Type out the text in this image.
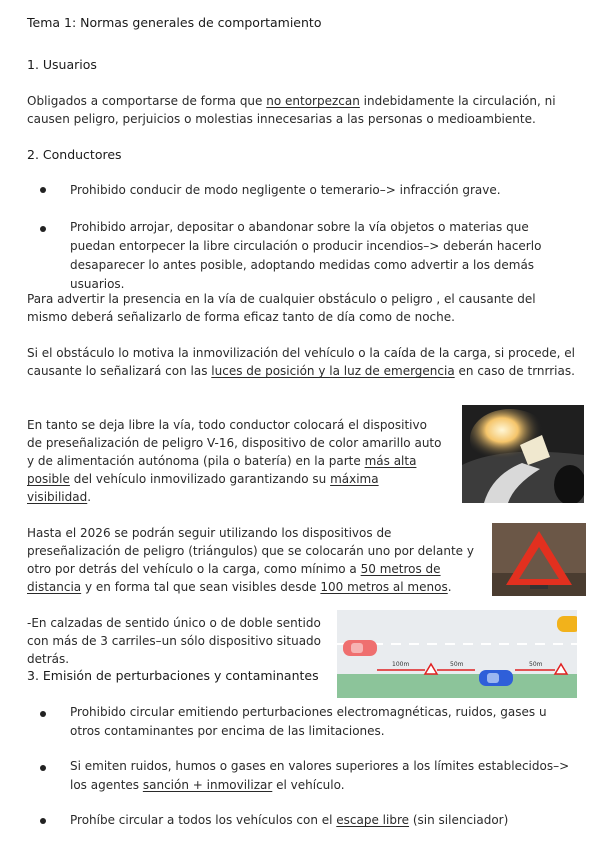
Tema 1: Normas generales de comportamiento
1. Usuarios
Obligados a comportarse de forma que no entorpezcan indebidamente la circulación, ni causen peligro, perjuicios o molestias innecesarias a las personas o medioambiente.
2. Conductores
Prohibido conducir de modo negligente o temerario–> infracción grave.
Prohibido arrojar, depositar o abandonar sobre la vía objetos o materias que puedan entorpecer la libre circulación o producir incendios–> deberán hacerlo desaparecer lo antes posible, adoptando medidas como advertir a los demás usuarios.
Para advertir la presencia en la vía de cualquier obstáculo o peligro , el causante del mismo deberá señalizarlo de forma eficaz tanto de día como de noche.
Si el obstáculo lo motiva la inmovilización del vehículo o la caída de la carga, si procede, el causante lo señalizará con las luces de posición y la luz de emergencia en caso de trnrrias.
En tanto se deja libre la vía, todo conductor colocará el dispositivo de preseñalización de peligro V-16, dispositivo de color amarillo auto y de alimentación autónoma (pila o batería) en la parte más alta posible del vehículo inmovilizado garantizando su máxima visibilidad.
Hasta el 2026 se podrán seguir utilizando los dispositivos de preseñalización de peligro (triángulos) que se colocarán uno por delante y otro por detrás del vehículo o la carga, como mínimo a 50 metros de distancia y en forma tal que sean visibles desde 100 metros al menos.
-En calzadas de sentido único o de doble sentido con más de 3 carriles–un sólo dispositivo situado detrás.	100m	50m	50m
3. Emisión de perturbaciones y contaminantes
Prohibido circular emitiendo perturbaciones electromagnéticas, ruidos, gases u otros contaminantes por encima de las limitaciones.
Si emiten ruidos, humos o gases en valores superiores a los límites establecidos–> los agentes sanción + inmovilizar el vehículo.
Prohíbe circular a todos los vehículos con el escape libre (sin silenciador)
